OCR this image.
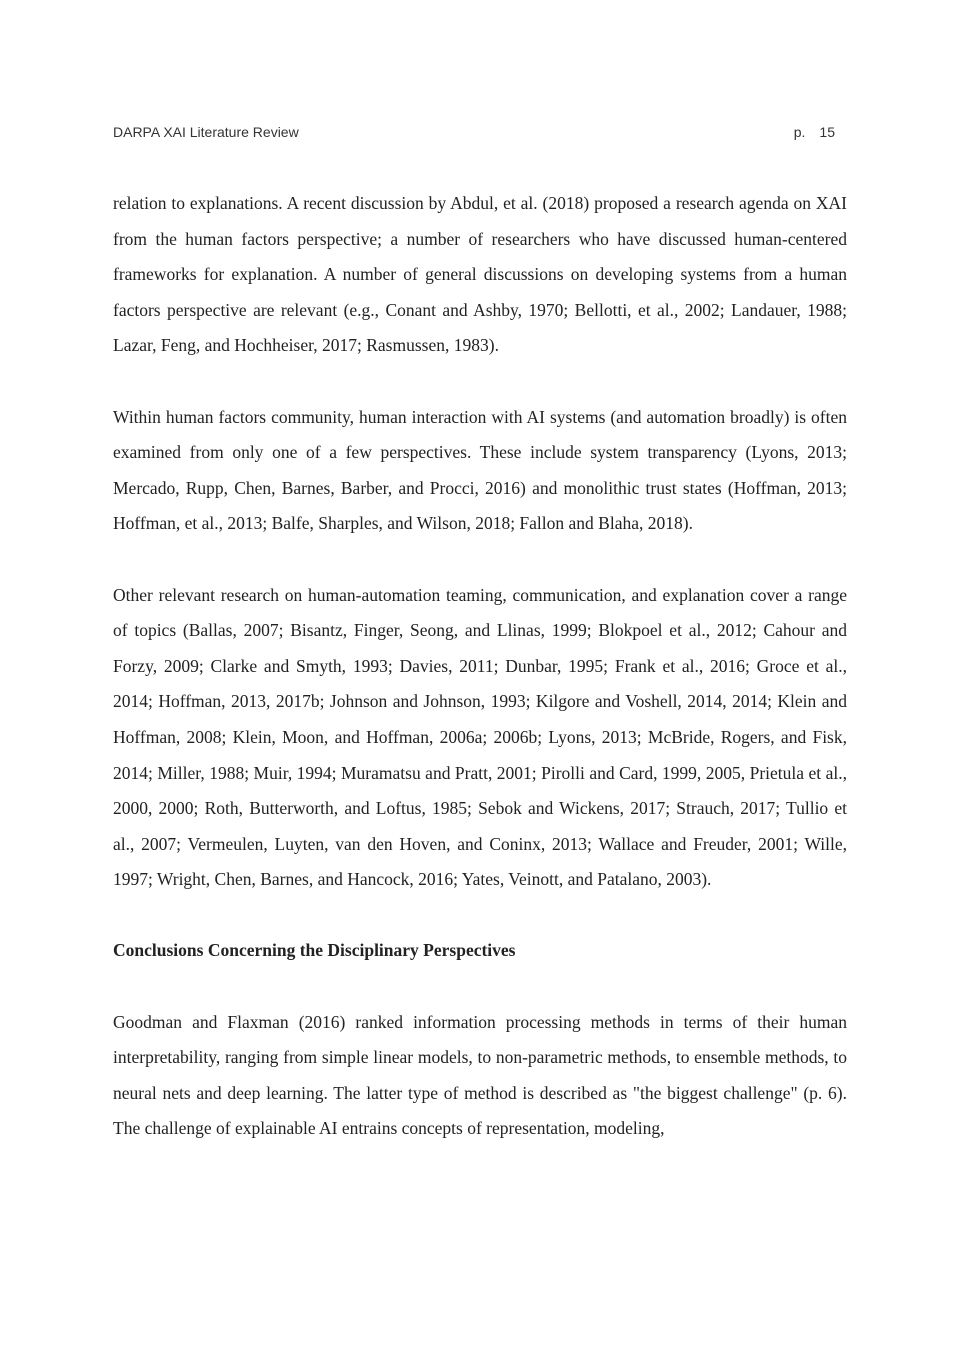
DARPA XAI Literature Review	p. 15

relation to explanations. A recent discussion by Abdul, et al. (2018) proposed a research agenda on XAI from the human factors perspective; a number of researchers who have discussed human-centered frameworks for explanation. A number of general discussions on developing systems from a human factors perspective are relevant (e.g., Conant and Ashby, 1970; Bellotti, et al., 2002; Landauer, 1988; Lazar, Feng, and Hochheiser, 2017; Rasmussen, 1983).

Within human factors community, human interaction with AI systems (and automation broadly) is often examined from only one of a few perspectives. These include system transparency (Lyons, 2013; Mercado, Rupp, Chen, Barnes, Barber, and Procci, 2016) and monolithic trust states (Hoffman, 2013; Hoffman, et al., 2013; Balfe, Sharples, and Wilson, 2018; Fallon and Blaha, 2018).

Other relevant research on human-automation teaming, communication, and explanation cover a range of topics (Ballas, 2007; Bisantz, Finger, Seong, and Llinas, 1999; Blokpoel et al., 2012; Cahour and Forzy, 2009; Clarke and Smyth, 1993; Davies, 2011; Dunbar, 1995; Frank et al., 2016; Groce et al., 2014; Hoffman, 2013, 2017b; Johnson and Johnson, 1993; Kilgore and Voshell, 2014, 2014; Klein and Hoffman, 2008; Klein, Moon, and Hoffman, 2006a; 2006b; Lyons, 2013; McBride, Rogers, and Fisk, 2014; Miller, 1988; Muir, 1994; Muramatsu and Pratt, 2001; Pirolli and Card, 1999, 2005, Prietula et al., 2000, 2000; Roth, Butterworth, and Loftus, 1985; Sebok and Wickens, 2017; Strauch, 2017; Tullio et al., 2007; Vermeulen, Luyten, van den Hoven, and Coninx, 2013; Wallace and Freuder, 2001; Wille, 1997; Wright, Chen, Barnes, and Hancock, 2016; Yates, Veinott, and Patalano, 2003).

Conclusions Concerning the Disciplinary Perspectives

Goodman and Flaxman (2016) ranked information processing methods in terms of their human interpretability, ranging from simple linear models, to non-parametric methods, to ensemble methods, to neural nets and deep learning. The latter type of method is described as "the biggest challenge" (p. 6). The challenge of explainable AI entrains concepts of representation, modeling,
